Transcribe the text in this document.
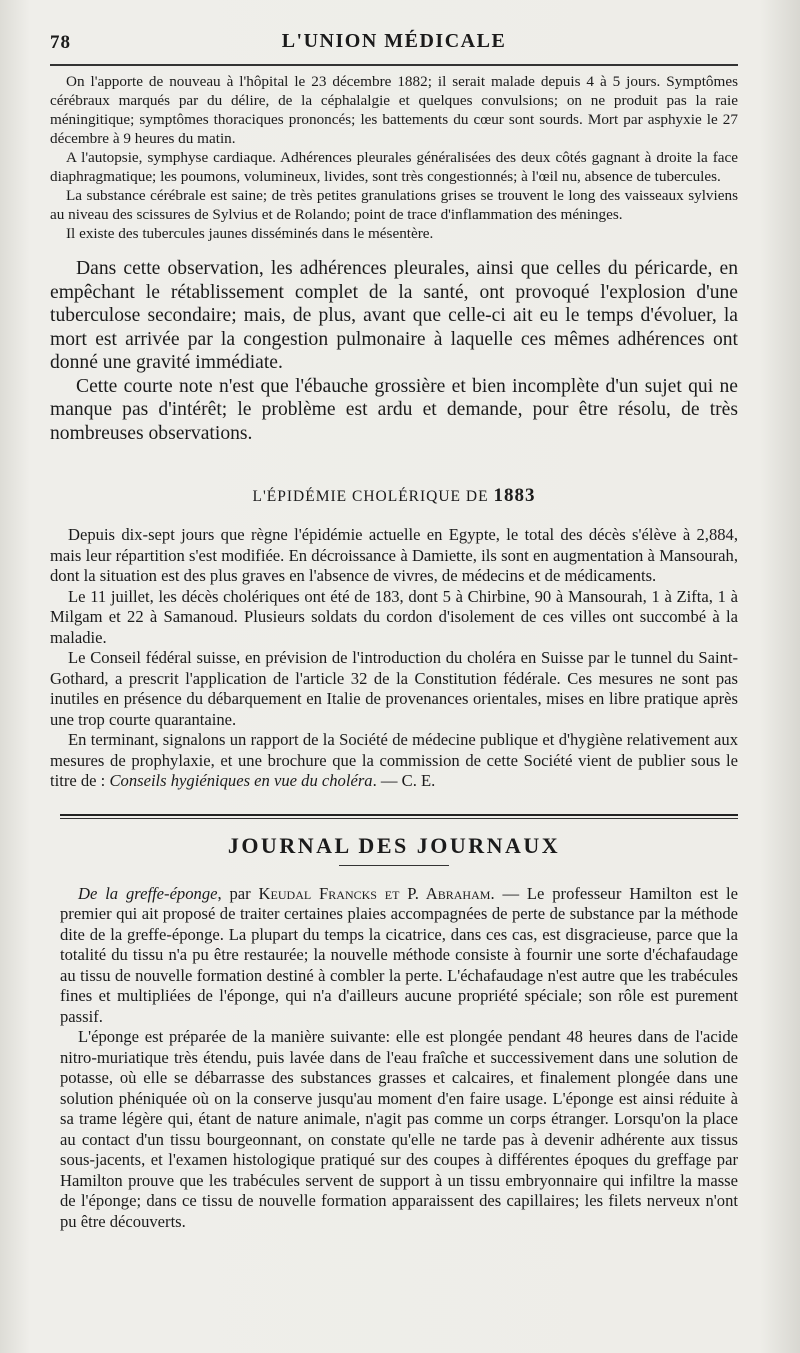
78	L'UNION MÉDICALE

On l'apporte de nouveau à l'hôpital le 23 décembre 1882; il serait malade depuis 4 à 5 jours. Symptômes cérébraux marqués par du délire, de la céphalalgie et quelques convulsions; on ne produit pas la raie méningitique; symptômes thoraciques prononcés; les battements du cœur sont sourds. Mort par asphyxie le 27 décembre à 9 heures du matin.

A l'autopsie, symphyse cardiaque. Adhérences pleurales généralisées des deux côtés gagnant à droite la face diaphragmatique; les poumons, volumineux, livides, sont très congestionnés; à l'œil nu, absence de tubercules.

La substance cérébrale est saine; de très petites granulations grises se trouvent le long des vaisseaux sylviens au niveau des scissures de Sylvius et de Rolando; point de trace d'inflammation des méninges.

Il existe des tubercules jaunes disséminés dans le mésentère.

Dans cette observation, les adhérences pleurales, ainsi que celles du péricarde, en empêchant le rétablissement complet de la santé, ont provoqué l'explosion d'une tuberculose secondaire; mais, de plus, avant que celle-ci ait eu le temps d'évoluer, la mort est arrivée par la congestion pulmonaire à laquelle ces mêmes adhérences ont donné une gravité immédiate.

Cette courte note n'est que l'ébauche grossière et bien incomplète d'un sujet qui ne manque pas d'intérêt; le problème est ardu et demande, pour être résolu, de très nombreuses observations.

L'ÉPIDÉMIE CHOLÉRIQUE DE 1883

Depuis dix-sept jours que règne l'épidémie actuelle en Egypte, le total des décès s'élève à 2,884, mais leur répartition s'est modifiée. En décroissance à Damiette, ils sont en augmentation à Mansourah, dont la situation est des plus graves en l'absence de vivres, de médecins et de médicaments.

Le 11 juillet, les décès cholériques ont été de 183, dont 5 à Chirbine, 90 à Mansourah, 1 à Zifta, 1 à Milgam et 22 à Samanoud. Plusieurs soldats du cordon d'isolement de ces villes ont succombé à la maladie.

Le Conseil fédéral suisse, en prévision de l'introduction du choléra en Suisse par le tunnel du Saint-Gothard, a prescrit l'application de l'article 32 de la Constitution fédérale. Ces mesures ne sont pas inutiles en présence du débarquement en Italie de provenances orientales, mises en libre pratique après une trop courte quarantaine.

En terminant, signalons un rapport de la Société de médecine publique et d'hygiène relativement aux mesures de prophylaxie, et une brochure que la commission de cette Société vient de publier sous le titre de : Conseils hygiéniques en vue du choléra. — C. E.

JOURNAL DES JOURNAUX

De la greffe-éponge, par Keudal Francks et P. Abraham. — Le professeur Hamilton est le premier qui ait proposé de traiter certaines plaies accompagnées de perte de substance par la méthode dite de la greffe-éponge. La plupart du temps la cicatrice, dans ces cas, est disgracieuse, parce que la totalité du tissu n'a pu être restaurée; la nouvelle méthode consiste à fournir une sorte d'échafaudage au tissu de nouvelle formation destiné à combler la perte. L'échafaudage n'est autre que les trabécules fines et multipliées de l'éponge, qui n'a d'ailleurs aucune propriété spéciale; son rôle est purement passif.

L'éponge est préparée de la manière suivante: elle est plongée pendant 48 heures dans de l'acide nitro-muriatique très étendu, puis lavée dans de l'eau fraîche et successivement dans une solution de potasse, où elle se débarrasse des substances grasses et calcaires, et finalement plongée dans une solution phéniquée où on la conserve jusqu'au moment d'en faire usage. L'éponge est ainsi réduite à sa trame légère qui, étant de nature animale, n'agit pas comme un corps étranger. Lorsqu'on la place au contact d'un tissu bourgeonnant, on constate qu'elle ne tarde pas à devenir adhérente aux tissus sous-jacents, et l'examen histologique pratiqué sur des coupes à différentes époques du greffage par Hamilton prouve que les trabécules servent de support à un tissu embryonnaire qui infiltre la masse de l'éponge; dans ce tissu de nouvelle formation apparaissent des capillaires; les filets nerveux n'ont pu être découverts.
